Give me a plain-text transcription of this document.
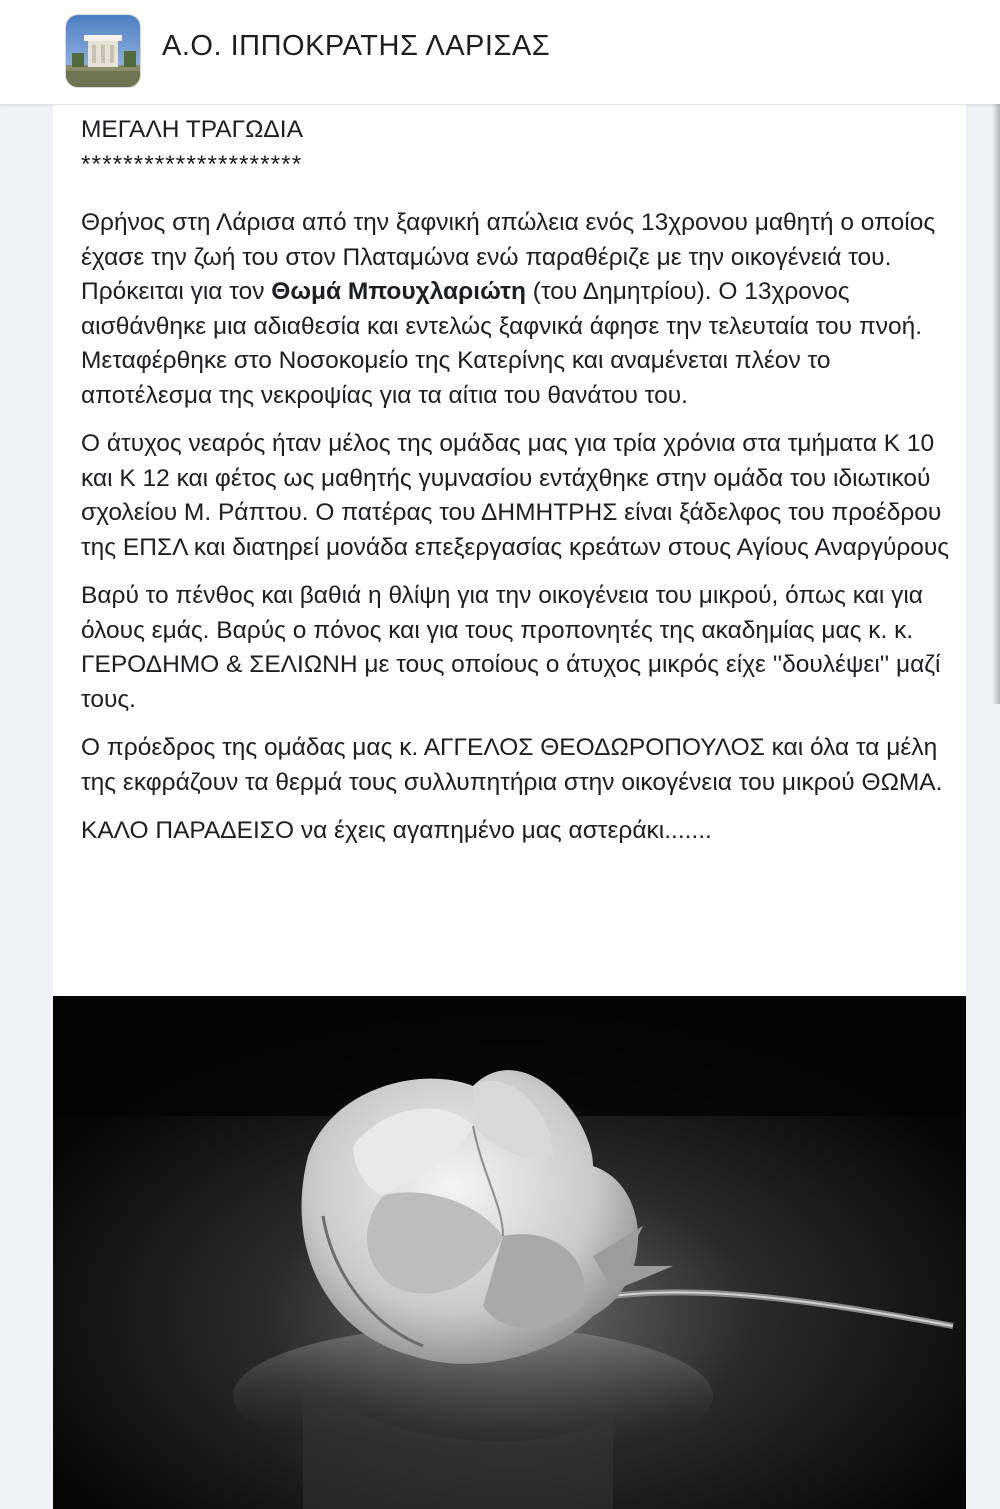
Α.Ο. ΙΠΠΟΚΡΑΤΗΣ ΛΑΡΙΣΑΣ

ΜΕΓΑΛΗ ΤΡΑΓΩΔΙΑ

*********************

Θρήνος στη Λάρισα από την ξαφνική απώλεια ενός 13χρονου μαθητή ο οποίος έχασε την ζωή του στον Πλαταμώνα ενώ παραθέριζε με την οικογένειά του. Πρόκειται για τον Θωμά Μπουχλαριώτη (του Δημητρίου). Ο 13χρονος αισθάνθηκε μια αδιαθεσία και εντελώς ξαφνικά άφησε την τελευταία του πνοή. Μεταφέρθηκε στο Νοσοκομείο της Κατερίνης και αναμένεται πλέον το αποτέλεσμα της νεκροψίας για τα αίτια του θανάτου του.

Ο άτυχος νεαρός ήταν μέλος της ομάδας μας για τρία χρόνια στα τμήματα Κ 10 και Κ 12 και φέτος ως μαθητής γυμνασίου εντάχθηκε στην ομάδα του ιδιωτικού σχολείου Μ. Ράπτου. Ο πατέρας του ΔΗΜΗΤΡΗΣ είναι ξάδελφος του προέδρου της ΕΠΣΛ και διατηρεί μονάδα επεξεργασίας κρεάτων στους Αγίους Αναργύρους

Βαρύ το πένθος και βαθιά η θλίψη για την οικογένεια του μικρού, όπως και για όλους εμάς. Βαρύς ο πόνος και για τους προπονητές της ακαδημίας μας κ. κ. ΓΕΡΟΔΗΜΟ & ΣΕΛΙΩΝΗ με τους οποίους ο άτυχος μικρός είχε ''δουλέψει'' μαζί τους.

Ο πρόεδρος της ομάδας μας κ. ΑΓΓΕΛΟΣ ΘΕΟΔΩΡΟΠΟΥΛΟΣ και όλα τα μέλη της εκφράζουν τα θερμά τους συλλυπητήρια στην οικογένεια του μικρού ΘΩΜΑ.

ΚΑΛΟ ΠΑΡΑΔΕΙΣΟ να έχεις αγαπημένο μας αστεράκι.......
